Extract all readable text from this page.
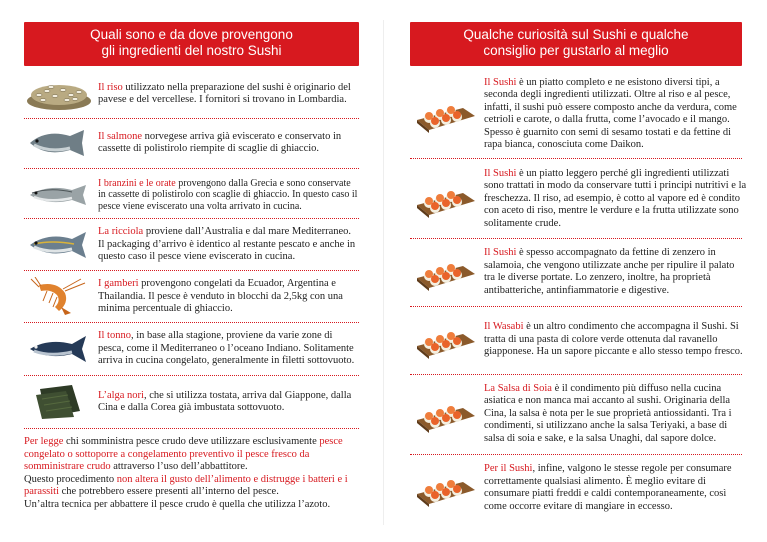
Quali sono e da dove provengono
gli ingredienti del nostro Sushi
Qualche curiosità sul Sushi e qualche
consiglio per gustarlo al meglio
Il riso utilizzato nella preparazione del sushi è originario del pavese e del vercellese. I fornitori si trovano in Lombardia.
Il salmone norvegese arriva già eviscerato e conservato in cassette di polistirolo riempite di scaglie di ghiaccio.
I branzini e le orate provengono dalla Grecia e sono conservate in cassette di polistirolo con scaglie di ghiaccio. In questo caso il pesce viene eviscerato una volta arrivato in cucina.
La ricciola proviene dall’Australia e dal mare Mediterraneo. Il packaging d’arrivo è identico al restante pescato e anche in questo caso il pesce viene eviscerato in cucina.
I gamberi provengono congelati da Ecuador, Argentina e Thailandia. Il pesce è venduto in blocchi da 2,5kg con una minima percentuale di ghiaccio.
Il tonno, in base alla stagione, proviene da varie zone di pesca, come il Mediterraneo o l’oceano Indiano. Solitamente arriva in cucina congelato, generalmente in filetti sottovuoto.
L’alga nori, che si utilizza tostata, arriva dal Giappone, dalla Cina e dalla Corea già imbustata sottovuoto.
Per legge chi somministra pesce crudo deve utilizzare esclusivamente pesce congelato o sottoporre a congelamento preventivo il pesce fresco da somministrare crudo attraverso l’uso dell’abbattitore.
Questo procedimento non altera il gusto dell’alimento e distrugge i batteri e i parassiti che potrebbero essere presenti all’interno del pesce.
Un’altra tecnica per abbattere il pesce crudo è quella che utilizza l’azoto.
Il Sushi è un piatto completo e ne esistono diversi tipi, a seconda degli ingredienti utilizzati. Oltre al riso e al pesce, infatti, il sushi può essere composto anche da verdura, come cetrioli e carote, o dalla frutta, come l’avocado e il mango. Spesso è guarnito con semi di sesamo tostati e da fettine di rapa bianca, conosciuta come Daikon.
Il Sushi è un piatto leggero perché gli ingredienti utilizzati sono trattati in modo da conservare tutti i principi nutritivi e la freschezza. Il riso, ad esempio, è cotto al vapore ed è condito con aceto di riso, mentre le verdure e la frutta utilizzate sono solitamente crude.
Il Sushi è spesso accompagnato da fettine di zenzero in salamoia, che vengono utilizzate anche per ripulire il palato tra le diverse portate. Lo zenzero, inoltre, ha proprietà antibatteriche, antinfiammatorie e digestive.
Il Wasabi è un altro condimento che accompagna il Sushi. Si tratta di una pasta di colore verde ottenuta dal ravanello giapponese. Ha un sapore piccante e allo stesso tempo fresco.
La Salsa di Soia è il condimento più diffuso nella cucina asiatica e non manca mai accanto al sushi. Originaria della Cina, la salsa è nota per le sue proprietà antiossidanti. Tra i condimenti, si utilizzano anche la salsa Teriyaki, a base di salsa di soia e sake, e la salsa Unaghi, dal sapore dolce.
Per il Sushi, infine, valgono le stesse regole per consumare correttamente qualsiasi alimento. È meglio evitare di consumare piatti freddi e caldi contemporaneamente, così come occorre evitare di mangiare in eccesso.
